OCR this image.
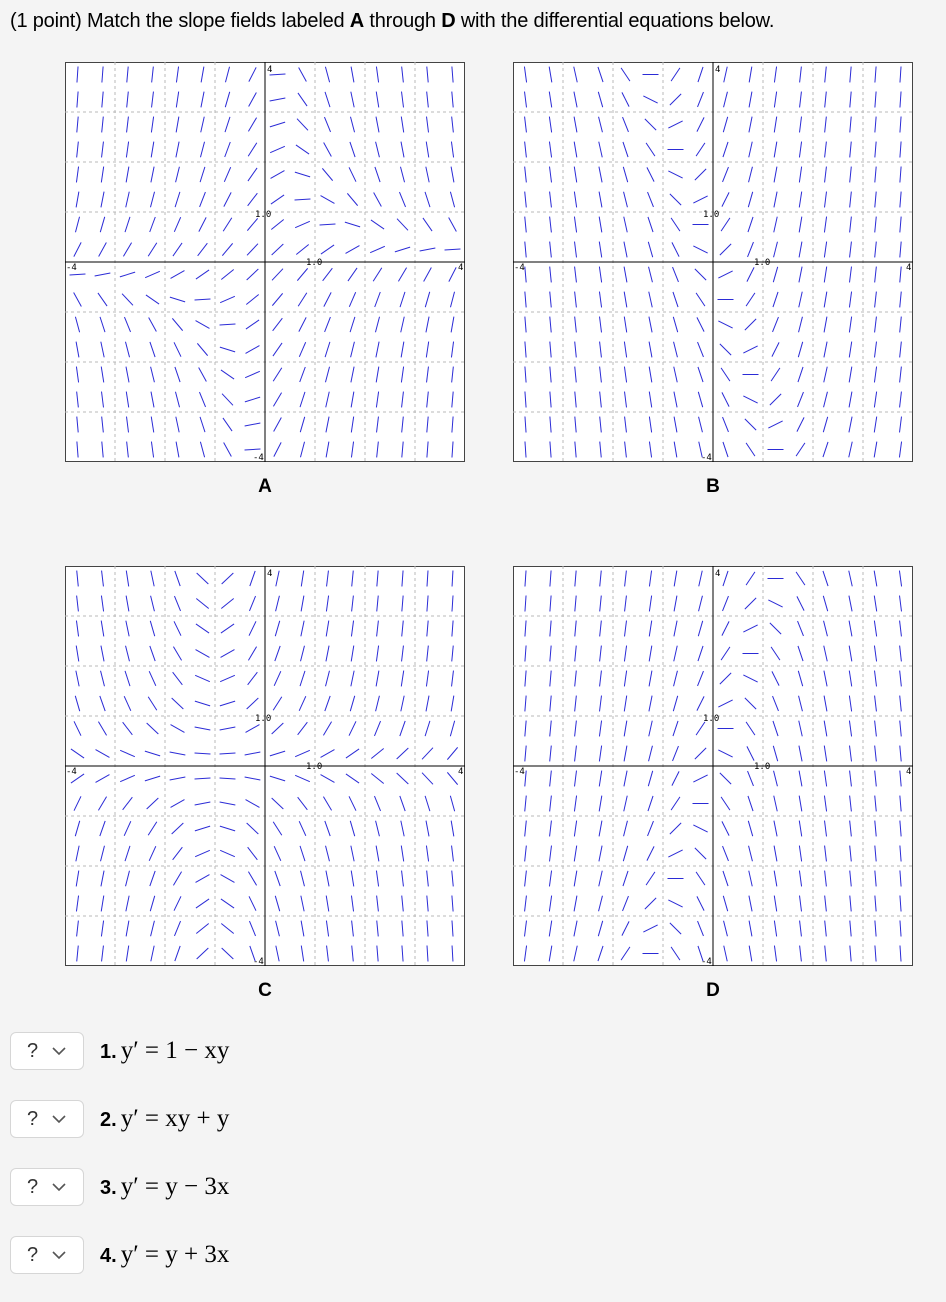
(1 point) Match the slope fields labeled A through D with the differential equations below.
4
-4
-4	4
1.0
1.0
A
4
-4
-4	4
1.0
1.0
B
4
-4
-4	4
1.0
1.0
C
4
-4
-4	4
1.0
1.0
D
?	1. y′ = 1 − xy
?	2. y′ = xy + y
?	3. y′ = y − 3x
?	4. y′ = y + 3x
